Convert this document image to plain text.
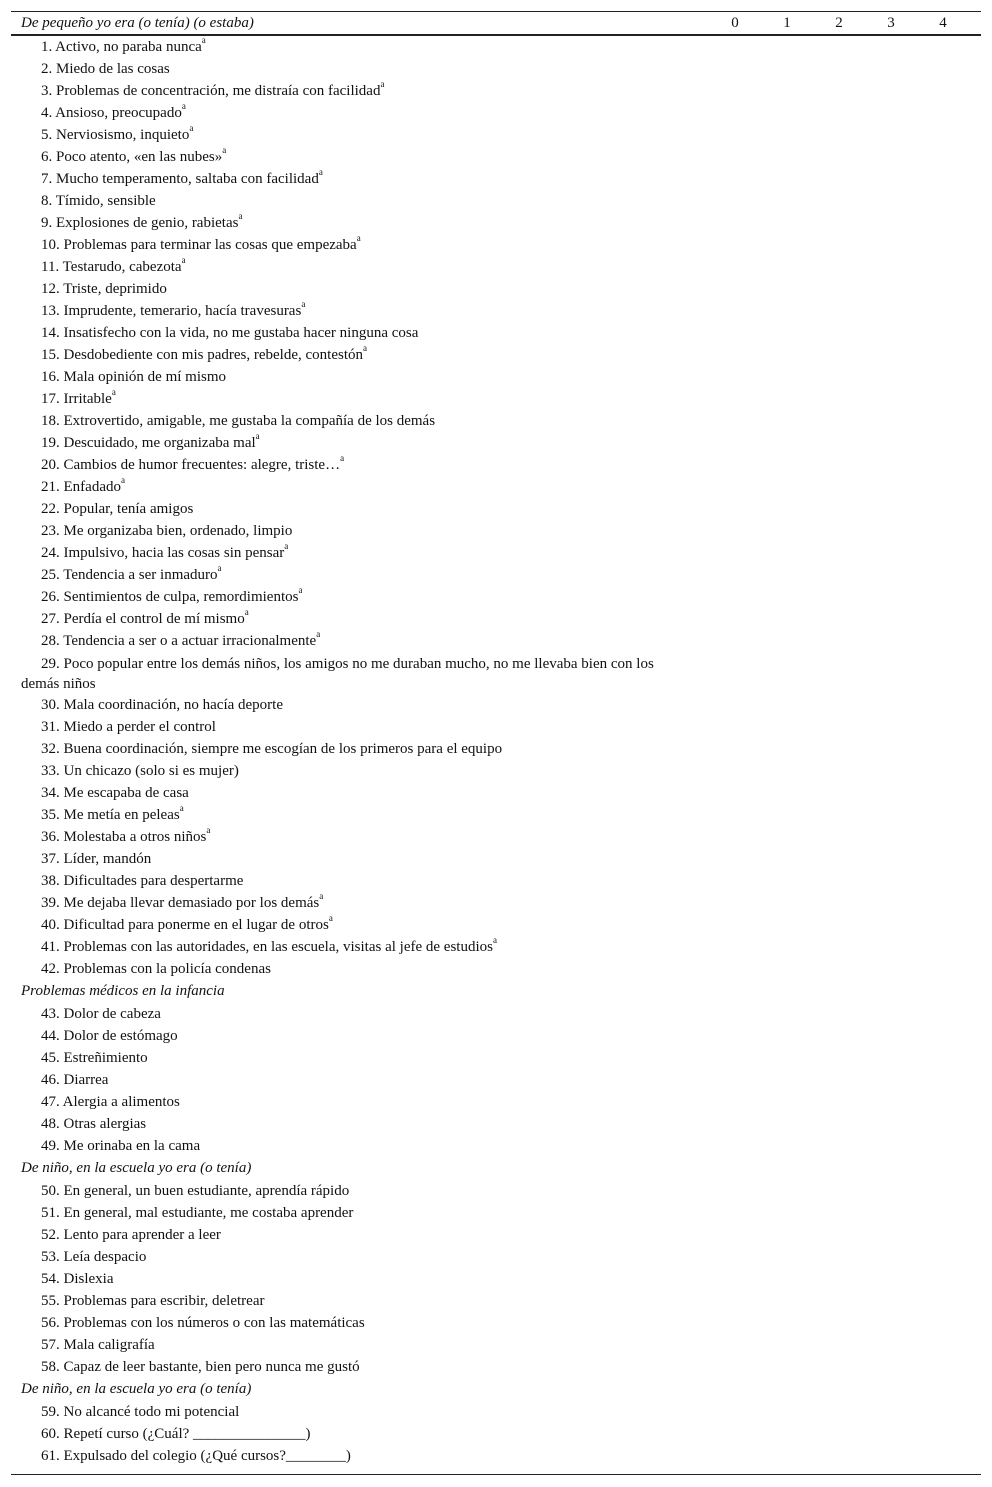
De pequeño yo era (o tenía) (o estaba)	0	1	2	3	4
1. Activo, no paraba nunca$^a$
2. Miedo de las cosas
3. Problemas de concentración, me distraía con facilidad$^a$
4. Ansioso, preocupado$^a$
5. Nerviosismo, inquieto$^a$
6. Poco atento, «en las nubes»$^a$
7. Mucho temperamento, saltaba con facilidad$^a$
8. Tímido, sensible
9. Explosiones de genio, rabietas$^a$
10. Problemas para terminar las cosas que empezaba$^a$
11. Testarudo, cabezota$^a$
12. Triste, deprimido
13. Imprudente, temerario, hacía travesuras$^a$
14. Insatisfecho con la vida, no me gustaba hacer ninguna cosa
15. Desdobediente con mis padres, rebelde, contestón$^a$
16. Mala opinión de mí mismo
17. Irritable$^a$
18. Extrovertido, amigable, me gustaba la compañía de los demás
19. Descuidado, me organizaba mal$^a$
20. Cambios de humor frecuentes: alegre, triste…$^a$
21. Enfadado$^a$
22. Popular, tenía amigos
23. Me organizaba bien, ordenado, limpio
24. Impulsivo, hacia las cosas sin pensar$^a$
25. Tendencia a ser inmaduro$^a$
26. Sentimientos de culpa, remordimientos$^a$
27. Perdía el control de mí mismo$^a$
28. Tendencia a ser o a actuar irracionalmente$^a$
29. Poco popular entre los demás niños, los amigos no me duraban mucho, no me llevaba bien con los
demás niños
30. Mala coordinación, no hacía deporte
31. Miedo a perder el control
32. Buena coordinación, siempre me escogían de los primeros para el equipo
33. Un chicazo (solo si es mujer)
34. Me escapaba de casa
35. Me metía en peleas$^a$
36. Molestaba a otros niños$^a$
37. Líder, mandón
38. Dificultades para despertarme
39. Me dejaba llevar demasiado por los demás$^a$
40. Dificultad para ponerme en el lugar de otros$^a$
41. Problemas con las autoridades, en las escuela, visitas al jefe de estudios$^a$
42. Problemas con la policía condenas
Problemas médicos en la infancia
43. Dolor de cabeza
44. Dolor de estómago
45. Estreñimiento
46. Diarrea
47. Alergia a alimentos
48. Otras alergias
49. Me orinaba en la cama
De niño, en la escuela yo era (o tenía)
50. En general, un buen estudiante, aprendía rápido
51. En general, mal estudiante, me costaba aprender
52. Lento para aprender a leer
53. Leía despacio
54. Dislexia
55. Problemas para escribir, deletrear
56. Problemas con los números o con las matemáticas
57. Mala caligrafía
58. Capaz de leer bastante, bien pero nunca me gustó
De niño, en la escuela yo era (o tenía)
59. No alcancé todo mi potencial
60. Repetí curso (¿Cuál? _______________)
61. Expulsado del colegio (¿Qué cursos?________)
